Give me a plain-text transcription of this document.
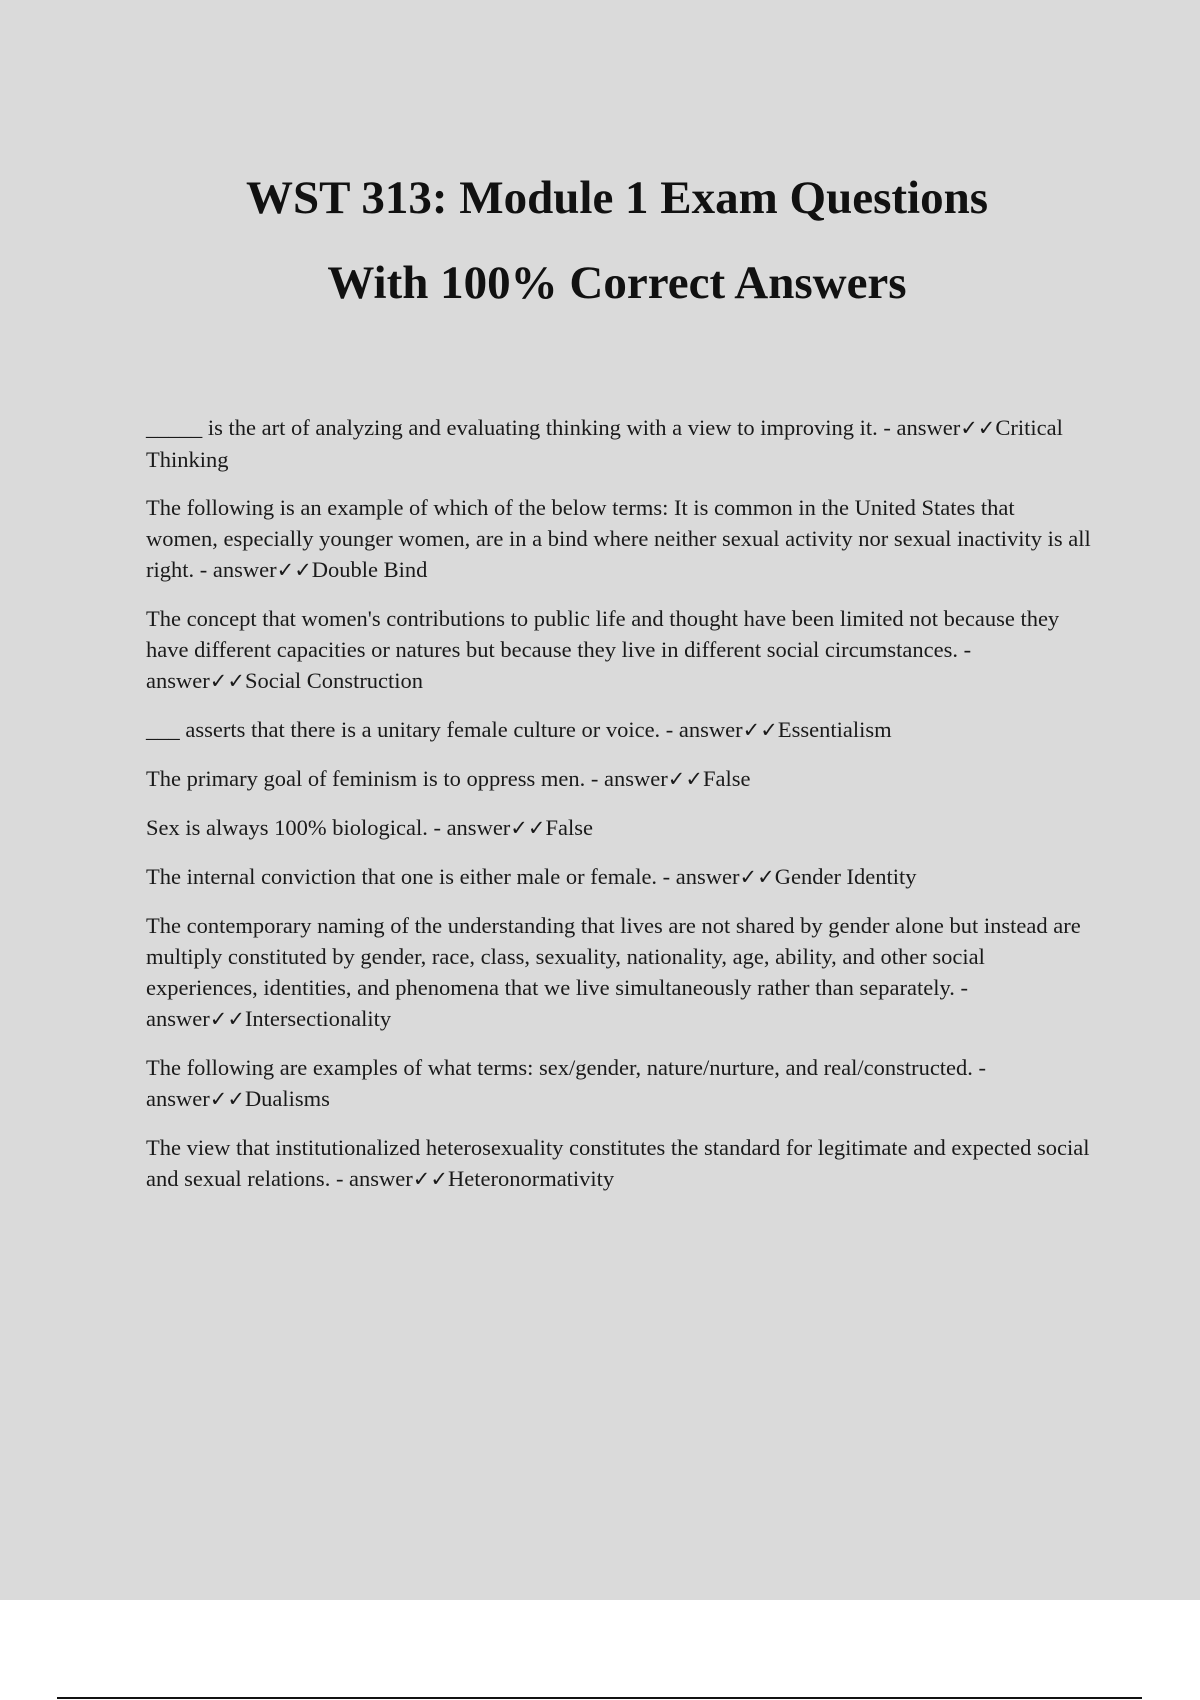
WST 313: Module 1 Exam Questions
With 100% Correct Answers

_____ is the art of analyzing and evaluating thinking with a view to improving it. - answer✓✓Critical Thinking

The following is an example of which of the below terms: It is common in the United States that women, especially younger women, are in a bind where neither sexual activity nor sexual inactivity is all right. - answer✓✓Double Bind

The concept that women's contributions to public life and thought have been limited not because they have different capacities or natures but because they live in different social circumstances. - answer✓✓Social Construction

___ asserts that there is a unitary female culture or voice. - answer✓✓Essentialism

The primary goal of feminism is to oppress men. - answer✓✓False

Sex is always 100% biological. - answer✓✓False

The internal conviction that one is either male or female. - answer✓✓Gender Identity

The contemporary naming of the understanding that lives are not shared by gender alone but instead are multiply constituted by gender, race, class, sexuality, nationality, age, ability, and other social experiences, identities, and phenomena that we live simultaneously rather than separately. - answer✓✓Intersectionality

The following are examples of what terms: sex/gender, nature/nurture, and real/constructed. - answer✓✓Dualisms

The view that institutionalized heterosexuality constitutes the standard for legitimate and expected social and sexual relations. - answer✓✓Heteronormativity
